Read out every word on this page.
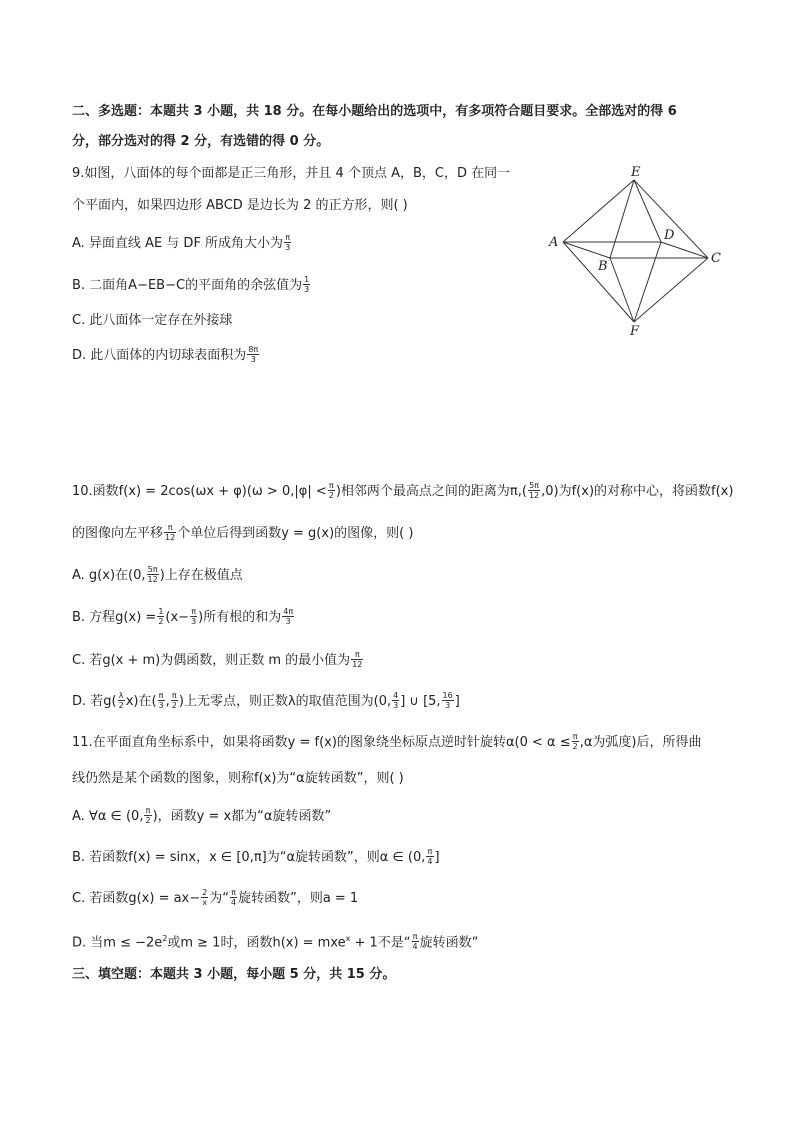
二、多选题：本题共 3 小题，共 18 分。在每小题给出的选项中，有多项符合题目要求。全部选对的得 6
分，部分选对的得 2 分，有选错的得 0 分。
9.如图，八面体的每个面都是正三角形，并且 4 个顶点 A，B，C，D 在同一
个平面内，如果四边形 ABCD 是边长为 2 的正方形，则( )
A. 异面直线 AE 与 DF 所成角大小为 $\frac{\pi}{3}$
B. 二面角A−EB−C的平面角的余弦值为 $\frac{1}{3}$
C. 此八面体一定存在外接球
D. 此八面体的内切球表面积为 $\frac{8\pi}{3}$
E
A
B
D
C
F
10.函数$f(x) = 2\cos(\omega x + \varphi)(\omega > 0,|\varphi| < \frac{\pi}{2}$ )相邻两个最高点之间的距离为$\pi,( \frac{5\pi}{12} ,0)$为f(x)的对称中心，将函数f(x)
的图像向左平移 $\frac{\pi}{12}$ 个单位后得到函数y = g(x)的图像，则( )
A. g(x)在(0, $\frac{5\pi}{12}$ )上存在极值点
B. 方程$g(x) = \frac{1}{2} (x- \frac{\pi}{3}$ )所有根的和为 $\frac{4\pi}{3}$
C. 若g(x + m)为偶函数，则正数 m 的最小值为 $\frac{\pi}{12}$
D. 若$g( \frac{\lambda}{2} x)$在( $\frac{\pi}{3}$ , $\frac{\pi}{2}$ )上无零点，则正数λ的取值范围为(0, $\frac{4}{3}$ ] ∪ [5, $\frac{16}{3}$ ]
11.在平面直角坐标系中，如果将函数y = f(x)的图象绕坐标原点逆时针旋转$\alpha(0 < \alpha \le \frac{\pi}{2} ,\alpha$为弧度)后，所得曲
线仍然是某个函数的图象，则称f(x)为“α旋转函数”，则( )
A. ∀α ∈ (0, $\frac{\pi}{2}$ )，函数y = x都为“α旋转函数”
B. 若函数f(x) = sinx，x ∈ [0,π]为“α旋转函数”，则α ∈ (0, $\frac{\pi}{4}$ ]
C. 若函数$g(x) = ax- \frac{2}{x}$ 为“ $\frac{\pi}{4}$ 旋转函数”，则a = 1
D. 当$m \le -2e^2$或m ≥ 1时，函数h(x) = mxe$^x$ + 1不是“ $\frac{\pi}{4}$ 旋转函数”
三、填空题：本题共 3 小题，每小题 5 分，共 15 分。
